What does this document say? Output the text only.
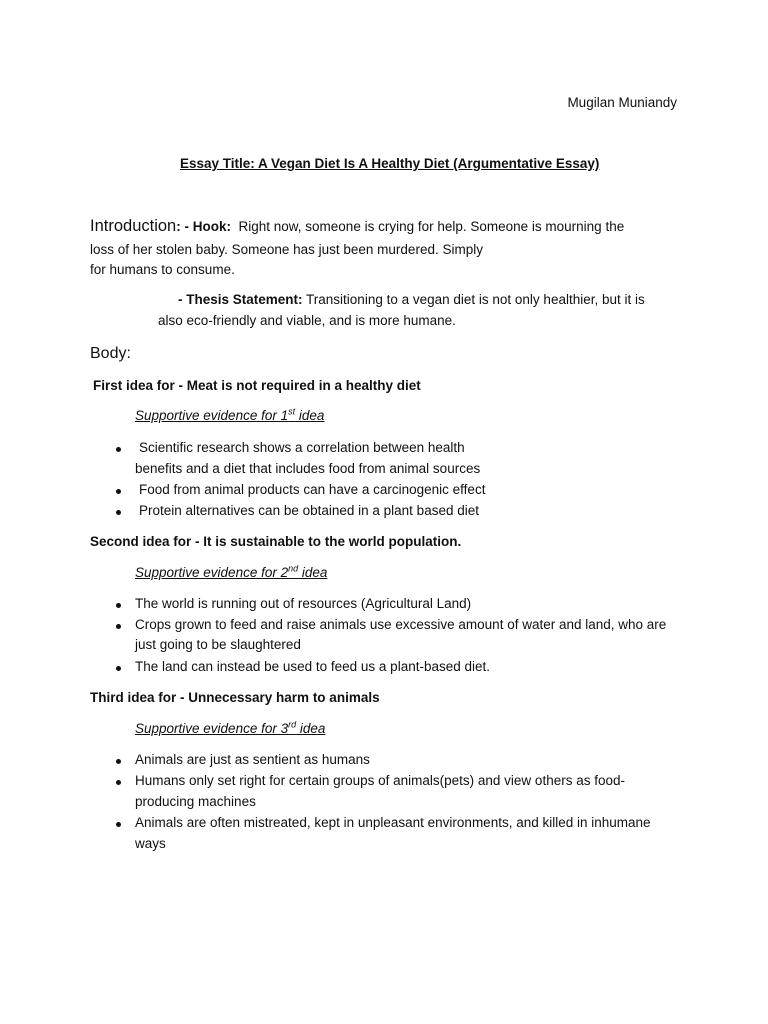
Mugilan Muniandy
Essay Title: A Vegan Diet Is A Healthy Diet (Argumentative Essay)
Introduction: - Hook: Right now, someone is crying for help. Someone is mourning the
loss of her stolen baby. Someone has just been murdered. Simply
for humans to consume.
- Thesis Statement: Transitioning to a vegan diet is not only healthier, but it is
also eco-friendly and viable, and is more humane.
Body:
First idea for - Meat is not required in a healthy diet
Supportive evidence for 1st idea
Scientific research shows a correlation between health
benefits and a diet that includes food from animal sources
Food from animal products can have a carcinogenic effect
Protein alternatives can be obtained in a plant based diet
Second idea for - It is sustainable to the world population.
Supportive evidence for 2nd idea
The world is running out of resources (Agricultural Land)
Crops grown to feed and raise animals use excessive amount of water and land, who are
just going to be slaughtered
The land can instead be used to feed us a plant-based diet.
Third idea for - Unnecessary harm to animals
Supportive evidence for 3rd idea
Animals are just as sentient as humans
Humans only set right for certain groups of animals(pets) and view others as food-
producing machines
Animals are often mistreated, kept in unpleasant environments, and killed in inhumane
ways
